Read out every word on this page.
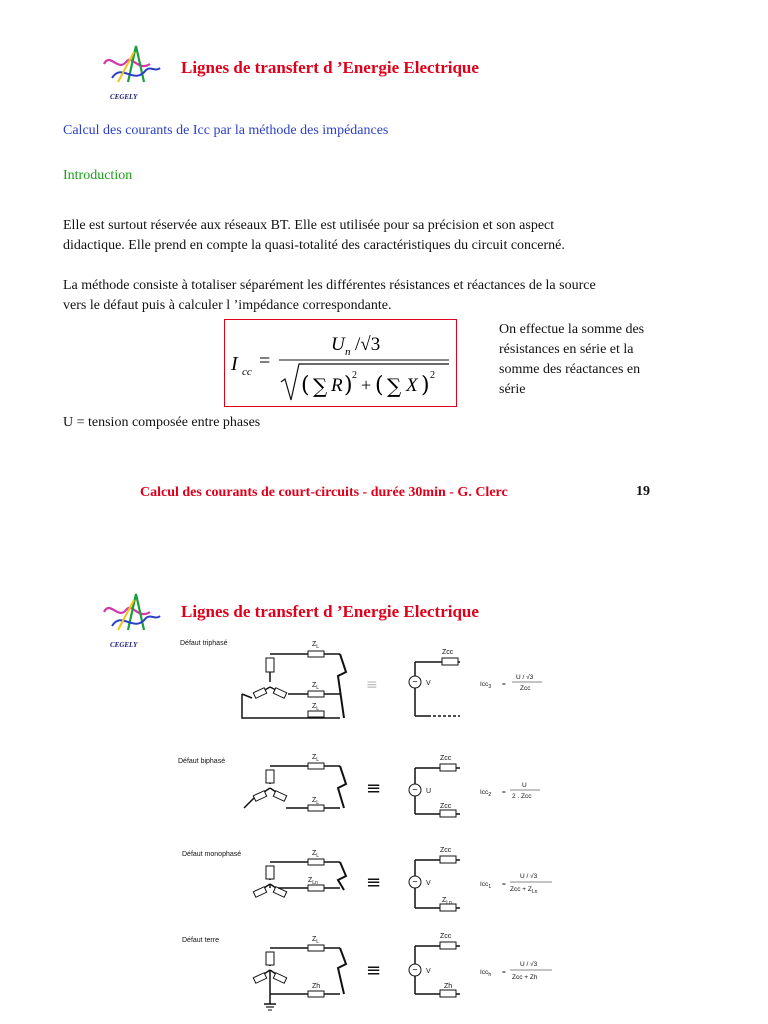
CEGELY
Lignes de transfert d ’Energie Electrique
Calcul des courants de Icc par la méthode des impédances
Introduction
Elle est surtout réservée aux réseaux BT. Elle est utilisée pour sa précision et son aspect
didactique. Elle prend en compte la quasi-totalité des caractéristiques du circuit concerné.
La méthode consiste à totaliser séparément les différentes résistances et réactances de la source
vers le défaut puis à calculer l ’impédance correspondante.
I cc =
U n /√3
( ∑ R ) 2 + ( ∑ X ) 2
On effectue la somme des
résistances en série et la
somme des réactances en
série
U = tension composée entre phases
Calcul des courants de court-circuits - durée 30min - G. Clerc	19
CEGELY
Lignes de transfert d ’Energie Electrique
Défaut triphasé	$Z_L$
$Z_L$
$Z_L$
≡
Zcc
~ V	Icc$_3$ =
U / √3
Zcc
Défaut biphasé
$Z_L$
$Z_L$
≡
Zcc
~ U
Zcc
Icc$_2$ =
U
2 . Zcc
Défaut monophasé	$Z_L$
$Z_{Ln}$	≡
Zcc
~ V
$Z_{Ln}$
Icc$_1$ =
U / √3
Zcc + $Z_{Ln}$
Défaut terre	$Z_L$
Zh
≡
Zcc
~ V
Zh
Icc$_h$ =
U / √3
Zcc + Zh
